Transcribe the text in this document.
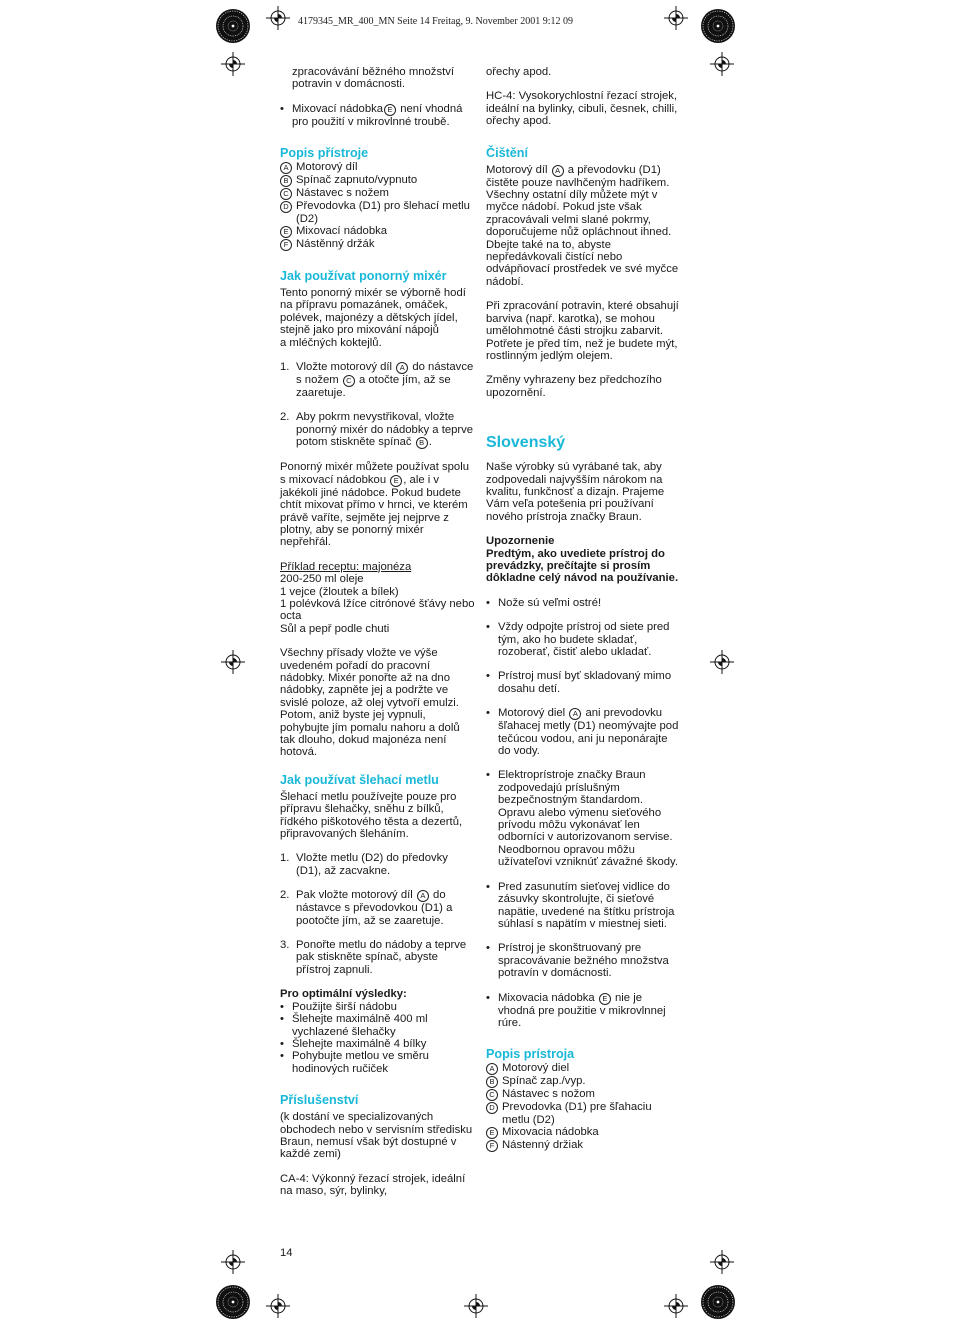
4179345_MR_400_MN Seite 14 Freitag, 9. November 2001 9:12 09
zpracovávání běžného množství
potravin v domácnosti.
• Mixovací nádobka E není vhodná pro použití v mikrovlnné troubě.

Popis přístroje

A Motorový díl
B Spínač zapnuto/vypnuto
C Nástavec s nožem
D Převodovka (D1) pro šlehací metlu (D2)
E Mixovací nádobka
F Nástěnný držák

Jak používat ponorný mixér

Tento ponorný mixér se výborně hodí na přípravu pomazánek, omáček, polévek, majonézy a dětských jídel, stejně jako pro mixování nápojů

a mléčných koktejlů.

1. Vložte motorový díl A do nástavce s nožem C a otočte jím, až se zaaretuje.
2. Aby pokrm nevystřikoval, vložte ponorný mixér do nádobky a teprve potom stiskněte spínač B .

Ponorný mixér můžete používat spolu s mixovací nádobkou E , ale i v jakékoli jiné nádobce. Pokud budete chtít mixovat přímo v hrnci, ve kterém právě vaříte, sejměte jej nejprve z plotny, aby se ponorný mixér nepřehřál.

Příklad receptu: majonéza

200-250 ml oleje

1 vejce (žloutek a bílek)

1 polévková lžíce citrónové šťávy nebo octa

Sůl a pepř podle chuti

Všechny přísady vložte ve výše uvedeném pořadí do pracovní nádobky. Mixér ponořte až na dno nádobky, zapněte jej a podržte ve svislé poloze, až olej vytvoří emulzi. Potom, aniž byste jej vypnuli, pohybujte jím pomalu nahoru a dolů tak dlouho, dokud majonéza není hotová.

Jak používat šlehací metlu

Šlehací metlu používejte pouze pro přípravu šlehačky, sněhu z bílků, řídkého piškotového těsta a dezertů, připravovaných šleháním.

1. Vložte metlu (D2) do předovky (D1), až zacvakne.
2. Pak vložte motorový díl A do nástavce s převodovkou (D1) a pootočte jím, až se zaaretuje.
3. Ponořte metlu do nádoby a teprve pak stiskněte spínač, abyste přístroj zapnuli.

Pro optimální výsledky:

• Použijte širší nádobu
• Šlehejte maximálně 400 ml vychlazené šlehačky
• Šlehejte maximálně 4 bílky
• Pohybujte metlou ve směru hodinových ručiček

Příslušenství

(k dostání ve specializovaných obchodech nebo v servisním středisku Braun, nemusí však být dostupné v každé zemi)

CA-4: Výkonný řezací strojek, ideální na maso, sýr, bylinky,

ořechy apod.

HC-4: Vysokorychlostní řezací strojek, ideální na bylinky, cibuli, česnek, chilli, ořechy apod.

Čištění

Motorový díl A a převodovku (D1) čistěte pouze navlhčeným hadříkem. Všechny ostatní díly můžete mýt v myčce nádobí. Pokud jste však zpracovávali velmi slané pokrmy, doporučujeme nůž opláchnout ihned. Dbejte také na to, abyste nepředávkovali čistící nebo odvápňovací prostředek ve své myčce nádobí.

Při zpracování potravin, které obsahují barviva (např. karotka), se mohou umělohmotné části strojku zabarvit. Potřete je před tím, než je budete mýt, rostlinným jedlým olejem.

Změny vyhrazeny bez předchozího upozornění.

Slovenský

Naše výrobky sú vyrábané tak, aby zodpovedali najvyšším nárokom na kvalitu, funkčnosť a dizajn. Prajeme Vám veľa potešenia pri používaní nového prístroja značky Braun.

Upozornenie

Predtým, ako uvediete prístroj do prevádzky, prečítajte si prosím dôkladne celý návod na používanie.

• Nože sú veľmi ostré!
• Vždy odpojte prístroj od siete pred tým, ako ho budete skladať, rozoberať, čistiť alebo ukladať.
• Prístroj musí byť skladovaný mimo dosahu detí.
• Motorový diel A ani prevodovku šľahacej metly (D1) neomývajte pod tečúcou vodou, ani ju neponárajte do vody.
• Elektroprístroje značky Braun zodpovedajú príslušným bezpečnostným štandardom. Opravu alebo výmenu sieťového prívodu môžu vykonávať len odborníci v autorizovanom servise. Neodbornou opravou môžu užívateľovi vzniknúť závažné škody.
• Pred zasunutím sieťovej vidlice do zásuvky skontrolujte, či sieťové napätie, uvedené na štítku prístroja súhlasí s napätím v miestnej sieti.
• Prístroj je skonštruovaný pre spracovávanie bežného množstva potravín v domácnosti.
• Mixovacia nádobka E nie je vhodná pre použitie v mikrovlnnej rúre.

Popis prístroja

A Motorový diel
B Spínač zap./vyp.
C Nástavec s nožom
D Prevodovka (D1) pre šľahaciu metlu (D2)
E Mixovacia nádobka
F Nástenný držiak
14
